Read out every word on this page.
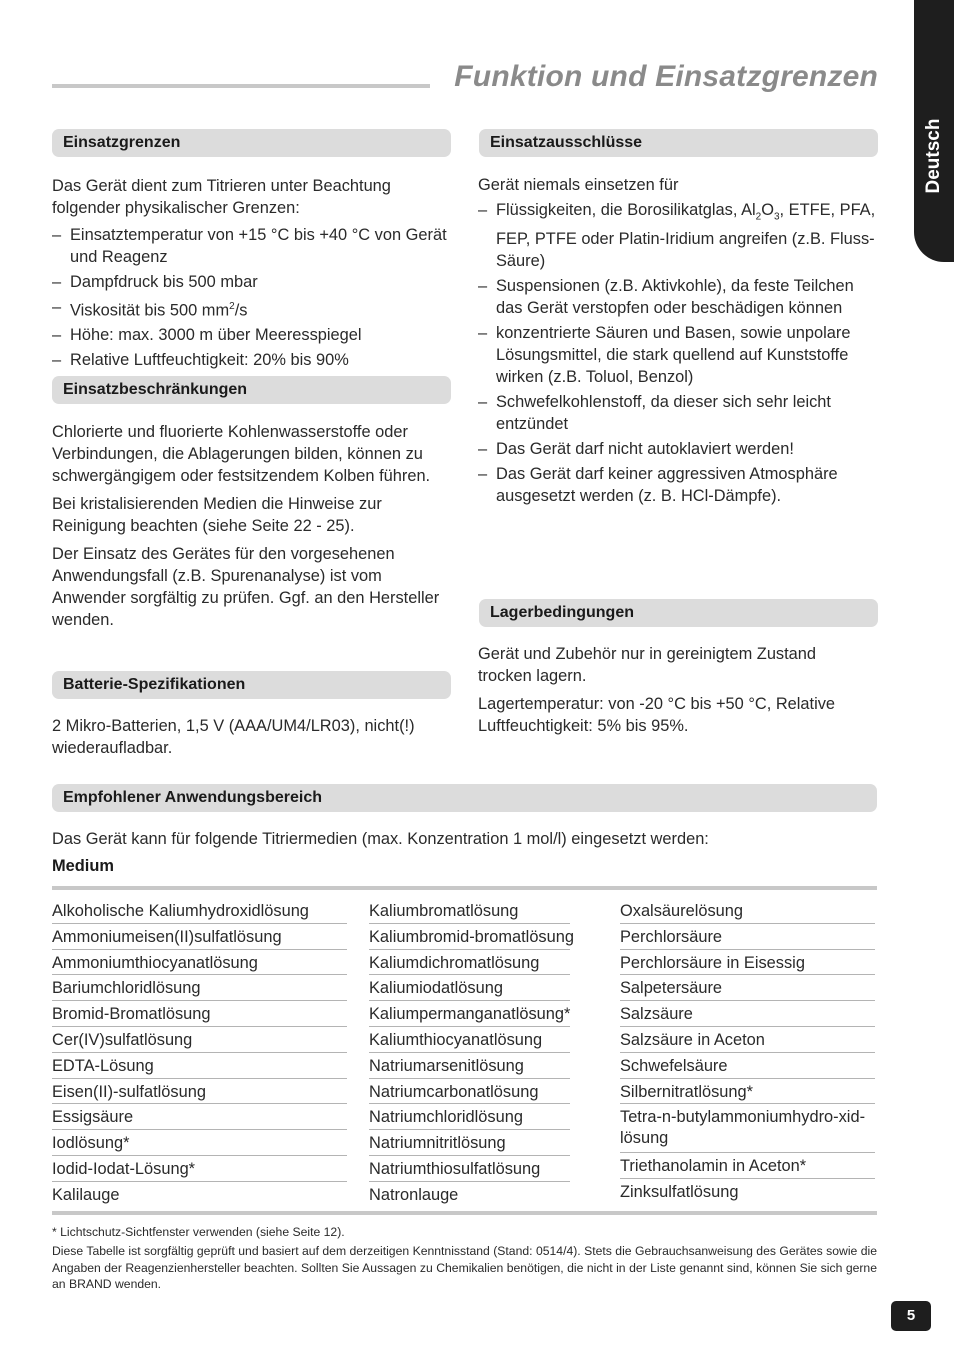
Funktion und Einsatzgrenzen
Deutsch
Einsatzgrenzen

Das Gerät dient zum Titrieren unter Beachtung folgender physikalischer Grenzen:

– Einsatztemperatur von +15 °C bis +40 °C von Gerät und Reagenz
– Dampfdruck bis 500 mbar
– Viskosität bis 500 $mm^2/s$
– Höhe: max. 3000 m über Meeresspiegel
– Relative Luftfeuchtigkeit: 20% bis 90%
Einsatzbeschränkungen

Chlorierte und fluorierte Kohlenwasserstoffe oder Verbindungen, die Ablagerungen bilden, können zu schwergängigem oder festsitzendem Kolben führen.

Bei kristalisierenden Medien die Hinweise zur Reinigung beachten (siehe Seite 22 - 25).

Der Einsatz des Gerätes für den vorgesehenen Anwendungsfall (z.B. Spurenanalyse) ist vom Anwender sorgfältig zu prüfen. Ggf. an den Hersteller wenden.

Batterie-Spezifikationen
2 Mikro-Batterien, 1,5 V (AAA/UM4/LR03), nicht(!) wiederaufladbar.
Einsatzausschlüsse

Gerät niemals einsetzen für

– Flüssigkeiten, die Borosilikatglas, $Al_2O_3$, ETFE, PFA, FEP, PTFE oder Platin-Iridium angreifen (z.B. Fluss-Säure)
– Suspensionen (z.B. Aktivkohle), da feste Teilchen das Gerät verstopfen oder beschädigen können
– konzentrierte Säuren und Basen, sowie unpolare Lösungsmittel, die stark quellend auf Kunststoffe wirken (z.B. Toluol, Benzol)
– Schwefelkohlenstoff, da dieser sich sehr leicht entzündet
– Das Gerät darf nicht autoklaviert werden!
– Das Gerät darf keiner aggressiven Atmosphäre ausgesetzt werden (z. B. HCl-Dämpfe).
Lagerbedingungen

Gerät und Zubehör nur in gereinigtem Zustand trocken lagern.

Lagertemperatur: von -20 °C bis +50 °C, Relative Luftfeuchtigkeit: 5% bis 95%.

Empfohlener Anwendungsbereich
Das Gerät kann für folgende Titriermedien (max. Konzentration 1 mol/l) eingesetzt werden:
Medium
Alkoholische Kaliumhydroxidlösung
Ammoniumeisen(II)sulfatlösung
Ammoniumthiocyanatlösung
Bariumchloridlösung
Bromid-Bromatlösung
Cer(IV)sulfatlösung
EDTA-Lösung
Eisen(II)-sulfatlösung
Essigsäure
Iodlösung*
Iodid-Iodat-Lösung*
Kalilauge
Kaliumbromatlösung
Kaliumbromid-bromatlösung
Kaliumdichromatlösung
Kaliumiodatlösung
Kaliumpermanganatlösung*
Kaliumthiocyanatlösung
Natriumarsenitlösung
Natriumcarbonatlösung
Natriumchloridlösung
Natriumnitritlösung
Natriumthiosulfatlösung
Natronlauge
Oxalsäurelösung
Perchlorsäure
Perchlorsäure in Eisessig
Salpetersäure
Salzsäure
Salzsäure in Aceton
Schwefelsäure
Silbernitratlösung*
Tetra-n-butylammoniumhydro-xid-lösung
Triethanolamin in Aceton*
Zinksulfatlösung
* Lichtschutz-Sichtfenster verwenden (siehe Seite 12).
Diese Tabelle ist sorgfältig geprüft und basiert auf dem derzeitigen Kenntnisstand (Stand: 0514/4). Stets die Gebrauchsanweisung des Gerätes sowie die Angaben der Reagenzienhersteller beachten. Sollten Sie Aussagen zu Chemikalien benötigen, die nicht in der Liste genannt sind, können Sie sich gerne an BRAND wenden.
5
